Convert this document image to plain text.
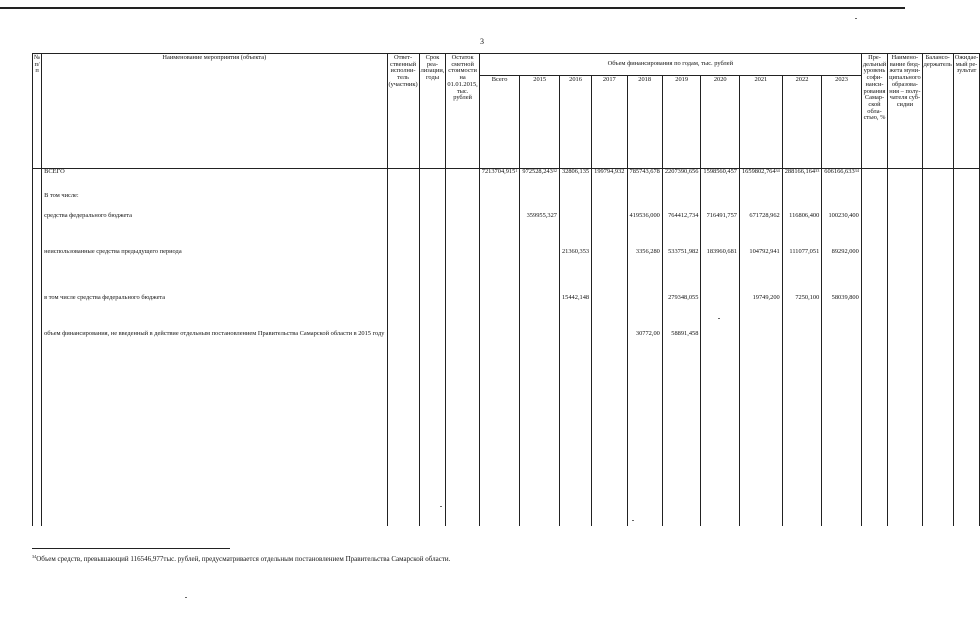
3
№ п/п	Наименование мероприятия (объекта)	Ответственный исполнитель (участник)	Срок реализации, годы	Остаток сметной стоимости на 01.01.2015, тыс. рублей	Объем финансирования по годам, тыс. рублей										Предельный уровень софинансирования Самарской областью, %	Наименование бюджета муниципального образования – получателя субсидии	Балансодержатель	Ожидаемый результат
					Всего	2015	2016	2017	2018	2019	2020	2021	2022	2023				
	ВСЕГО				7213704,915$^1$	972528,243$^{32}$	32806,135	199794,932	785743,678	2207390,656	1598560,457	1659802,764$^{34}$	288166,164$^{33}$	606166,633$^{34}$				
	В том числе:																	
	средства федерального бюджета					359955,327			419536,000	764412,734	716491,757	671728,962	116806,400	100230,400				
	неиспользованные средства предыдущего периода						21360,353		3356,280	533751,982	183960,681	104792,941	111077,051	89292,000				
	в том числе средства федерального бюджета						15442,148			279348,055		19749,200	7250,100	58039,800				
	объем финансирования, не введенный в действие отдельным постановлением Правительства Самарской области в 2015 году								30772,00	58891,458								

$^{34}$Объем средств, превышающий 116546,977тыс. рублей, предусматривается отдельным постановлением Правительства Самарской области.
